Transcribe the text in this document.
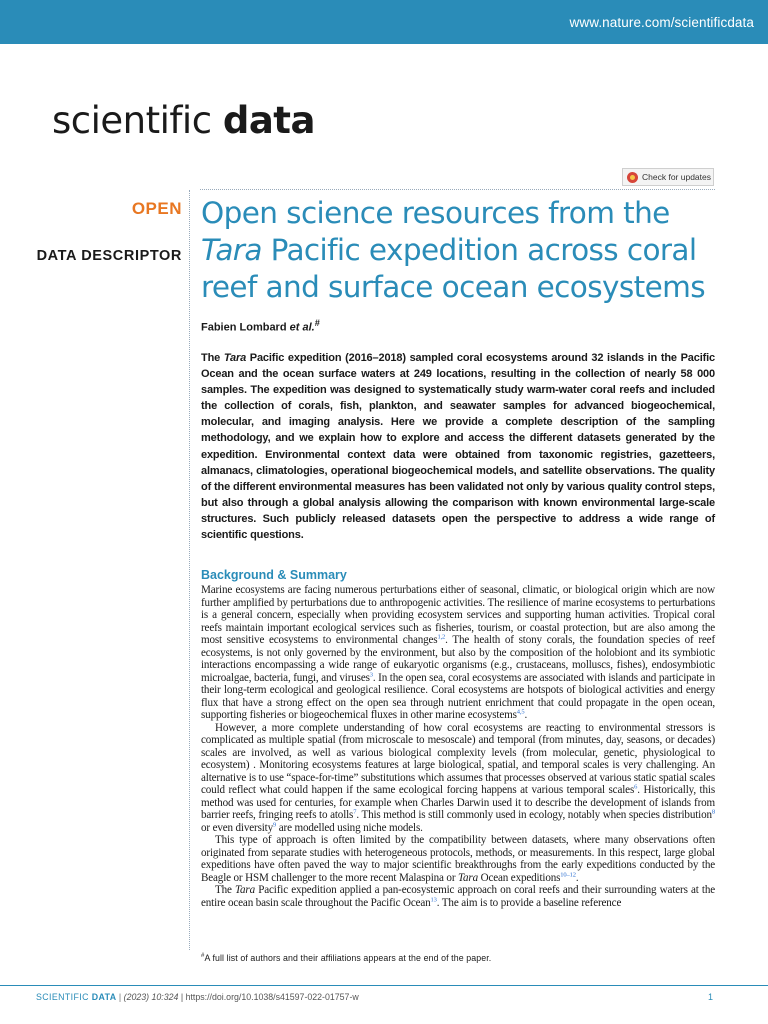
www.nature.com/scientificdata
scientific data
Check for updates
OPEN
DATA DESCRIPTOR
Open science resources from the
Tara Pacific expedition across coral reef and surface ocean ecosystems
Fabien Lombard et al.#

The Tara Pacific expedition (2016–2018) sampled coral ecosystems around 32 islands in the Pacific Ocean and the ocean surface waters at 249 locations, resulting in the collection of nearly 58 000 samples. The expedition was designed to systematically study warm-water coral reefs and included the collection of corals, fish, plankton, and seawater samples for advanced biogeochemical, molecular, and imaging analysis. Here we provide a complete description of the sampling methodology, and we explain how to explore and access the different datasets generated by the expedition. Environmental context data were obtained from taxonomic registries, gazetteers, almanacs, climatologies, operational biogeochemical models, and satellite observations. The quality of the different environmental measures has been validated not only by various quality control steps, but also through a global analysis allowing the comparison with known environmental large-scale structures. Such publicly released datasets open the perspective to address a wide range of scientific questions.

Background & Summary

Marine ecosystems are facing numerous perturbations either of seasonal, climatic, or biological origin which are now further amplified by perturbations due to anthropogenic activities. The resilience of marine ecosystems to perturbations is a general concern, especially when providing ecosystem services and supporting human activities. Tropical coral reefs maintain important ecological services such as fisheries, tourism, or coastal protection, but are also among the most sensitive ecosystems to environmental changes$^{1,2}$. The health of stony corals, the foundation species of reef ecosystems, is not only governed by the environment, but also by the composition of the holobiont and its symbiotic interactions encompassing a wide range of eukaryotic organisms (e.g., crustaceans, molluscs, fishes), endosymbiotic microalgae, bacteria, fungi, and viruses$^3$. In the open sea, coral ecosystems are associated with islands and participate in their long-term ecological and geological resilience. Coral ecosystems are hotspots of biological activities and energy flux that have a strong effect on the open sea through nutrient enrichment that could propagate in the open ocean, supporting fisheries or biogeochemical fluxes in other marine ecosystems$^{4,5}$.

However, a more complete understanding of how coral ecosystems are reacting to environmental stressors is complicated as multiple spatial (from microscale to mesoscale) and temporal (from minutes, day, seasons, or decades) scales are involved, as well as various biological complexity levels (from molecular, genetic, physiological to ecosystem) . Monitoring ecosystems features at large biological, spatial, and temporal scales is very challenging. An alternative is to use “space-for-time” substitutions which assumes that processes observed at various static spatial scales could reflect what could happen if the same ecological forcing happens at various temporal scales$^6$. Historically, this method was used for centuries, for example when Charles Darwin used it to describe the development of islands from barrier reefs, fringing reefs to atolls$^7$. This method is still commonly used in ecology, notably when species distribution$^8$ or even diversity$^9$ are modelled using niche models.

This type of approach is often limited by the compatibility between datasets, where many observations often originated from separate studies with heterogeneous protocols, methods, or measurements. In this respect, large global expeditions have often paved the way to major scientific breakthroughs from the early expeditions conducted by the Beagle or HSM challenger to the more recent Malaspina or Tara Ocean expeditions$^{10-12}$.

The Tara Pacific expedition applied a pan-ecosystemic approach on coral reefs and their surrounding waters at the entire ocean basin scale throughout the Pacific Ocean$^{13}$. The aim is to provide a baseline reference

#A full list of authors and their affiliations appears at the end of the paper.
SCIENTIFIC DATA | (2023) 10:324 | https://doi.org/10.1038/s41597-022-01757-w	1
